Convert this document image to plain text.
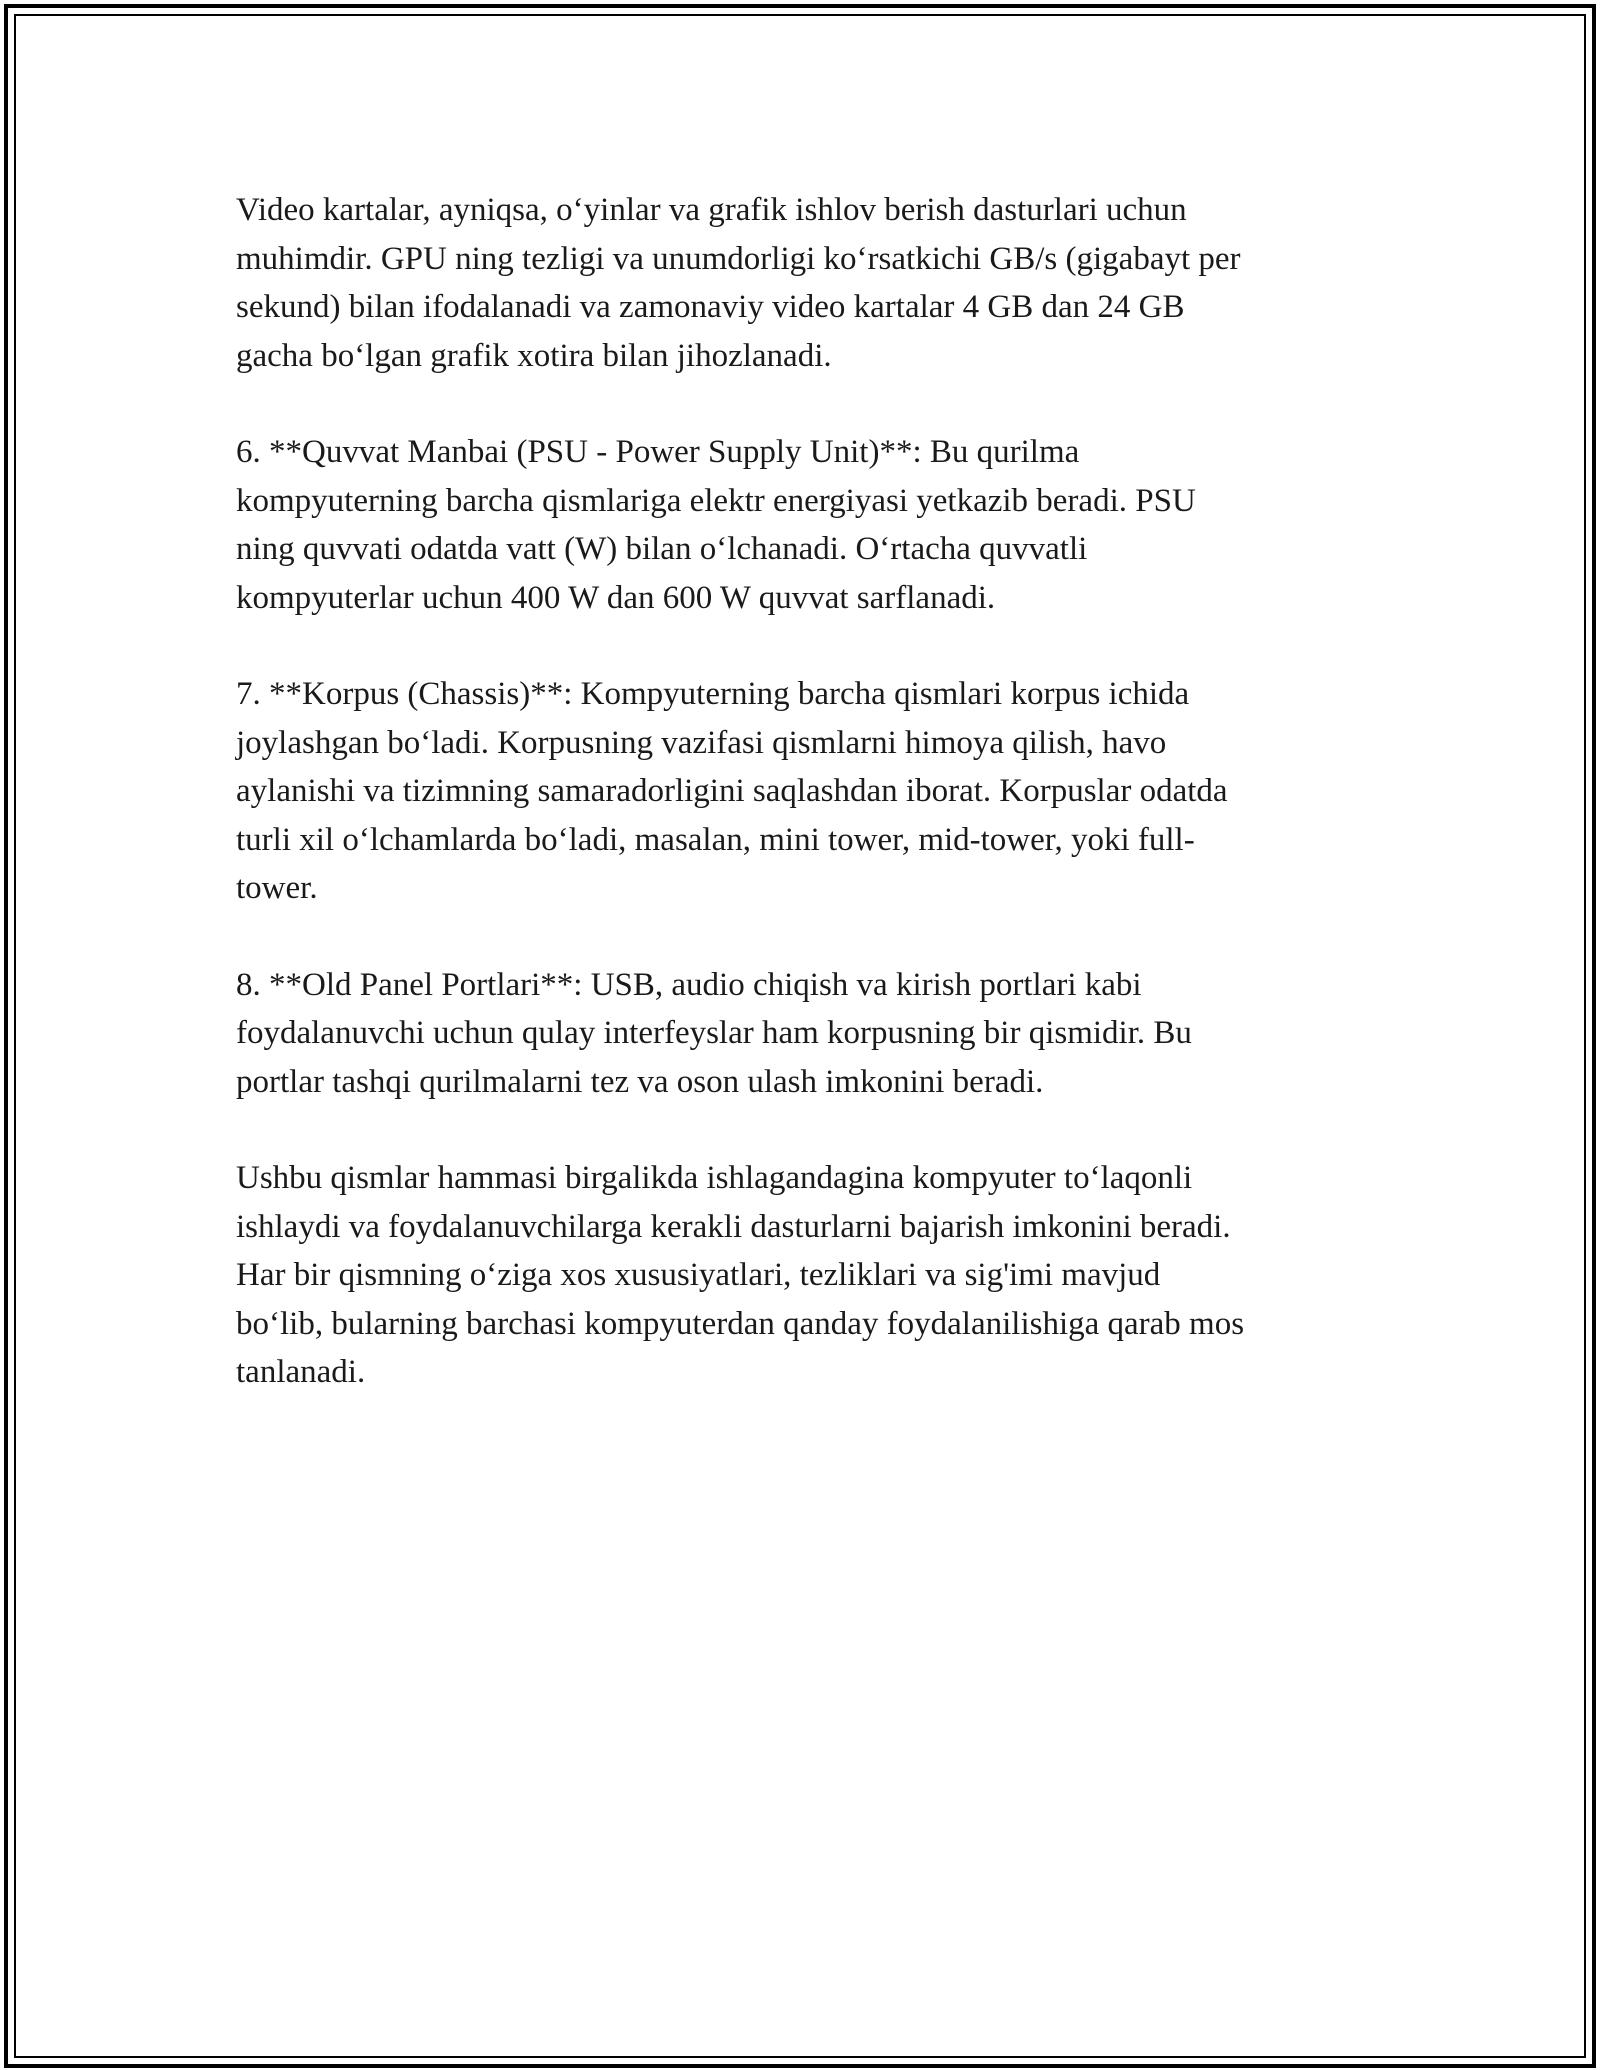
Video kartalar, ayniqsa, o‘yinlar va grafik ishlov berish dasturlari uchun
muhimdir. GPU ning tezligi va unumdorligi ko‘rsatkichi GB/s (gigabayt per
sekund) bilan ifodalanadi va zamonaviy video kartalar 4 GB dan 24 GB
gacha bo‘lgan grafik xotira bilan jihozlanadi.

6. **Quvvat Manbai (PSU - Power Supply Unit)**: Bu qurilma
kompyuterning barcha qismlariga elektr energiyasi yetkazib beradi. PSU
ning quvvati odatda vatt (W) bilan o‘lchanadi. O‘rtacha quvvatli
kompyuterlar uchun 400 W dan 600 W quvvat sarflanadi.

7. **Korpus (Chassis)**: Kompyuterning barcha qismlari korpus ichida
joylashgan bo‘ladi. Korpusning vazifasi qismlarni himoya qilish, havo
aylanishi va tizimning samaradorligini saqlashdan iborat. Korpuslar odatda
turli xil o‘lchamlarda bo‘ladi, masalan, mini tower, mid-tower, yoki full-
tower.

8. **Old Panel Portlari**: USB, audio chiqish va kirish portlari kabi
foydalanuvchi uchun qulay interfeyslar ham korpusning bir qismidir. Bu
portlar tashqi qurilmalarni tez va oson ulash imkonini beradi.

Ushbu qismlar hammasi birgalikda ishlagandagina kompyuter to‘laqonli
ishlaydi va foydalanuvchilarga kerakli dasturlarni bajarish imkonini beradi.
Har bir qismning o‘ziga xos xususiyatlari, tezliklari va sig'imi mavjud
bo‘lib, bularning barchasi kompyuterdan qanday foydalanilishiga qarab mos
tanlanadi.
